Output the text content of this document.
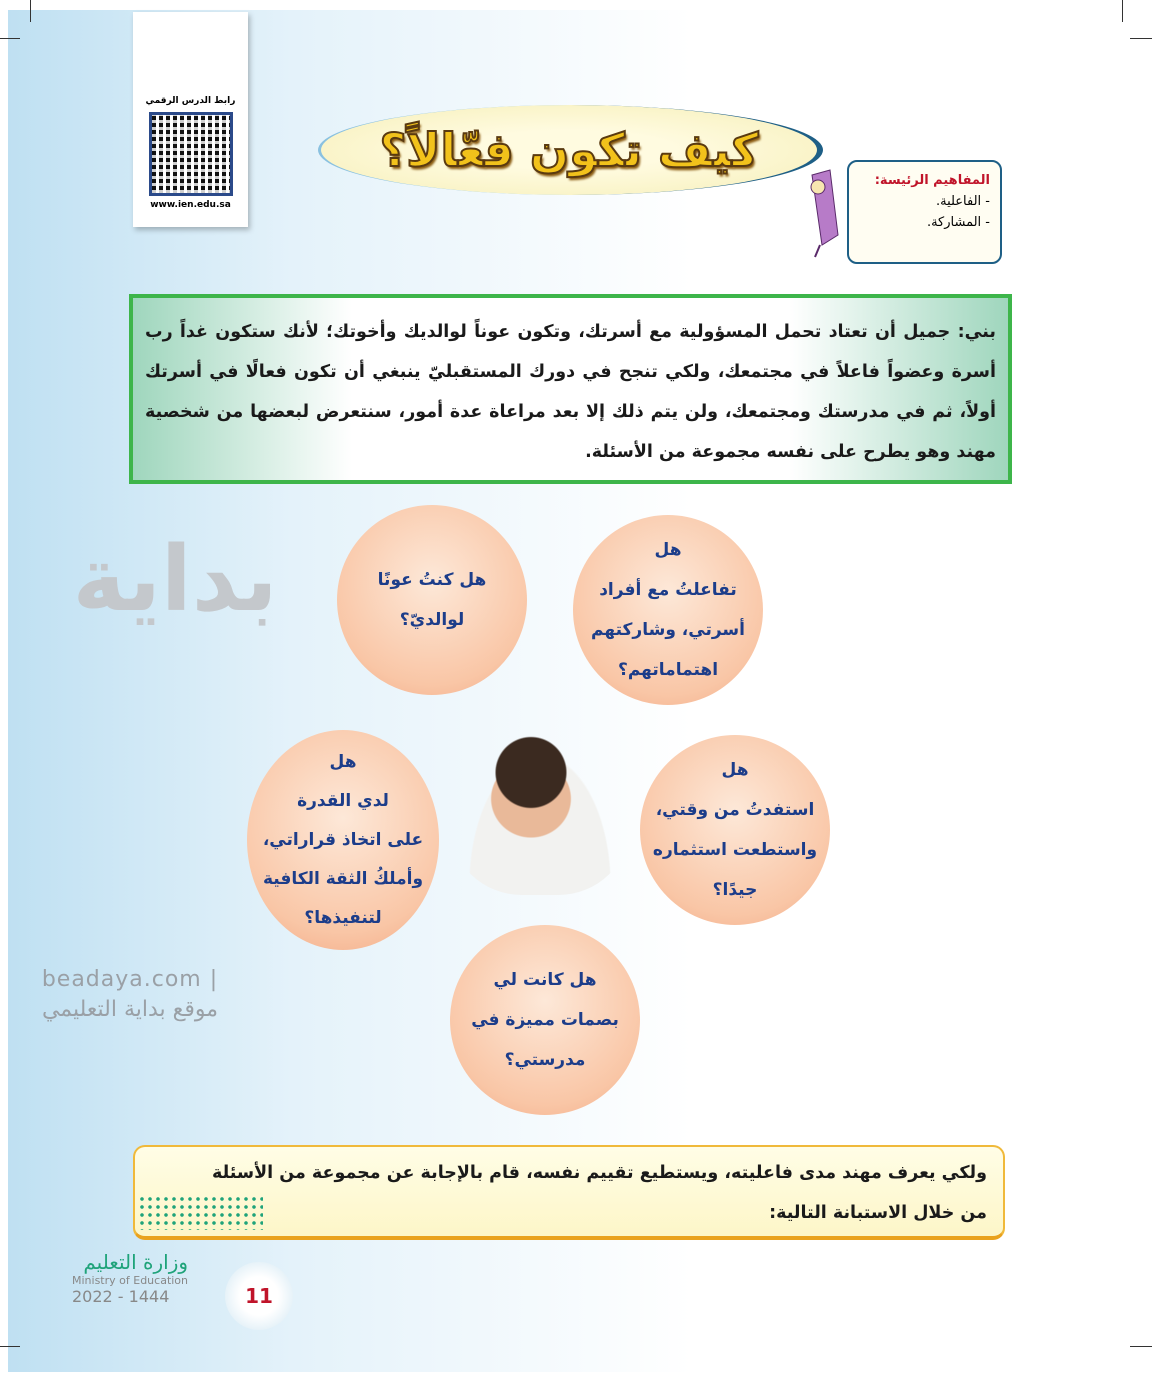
بداية
beadaya.com | موقع بداية التعليمي
رابط الدرس الرقمي
www.ien.edu.sa
كيف تكون فعّالاً؟
المفاهيم الرئيسة:
- الفاعلية.
- المشاركة.
بني: جميل أن تعتاد تحمل المسؤولية مع أسرتك، وتكون عوناً لوالديك وأخوتك؛ لأنك ستكون غداً رب أسرة وعضواً فاعلاً في مجتمعك، ولكي تنجح في دورك المستقبليّ ينبغي أن تكون فعالًا في أسرتك أولاً، ثم في مدرستك ومجتمعك، ولن يتم ذلك إلا بعد مراعاة عدة أمور، سنتعرض لبعضها من شخصية مهند وهو يطرح على نفسه مجموعة من الأسئلة.
هل كنتُ عونًا
لوالديّ؟
هل
تفاعلتُ مع أفراد
أسرتي، وشاركتهم
اهتماماتهم؟
هل
لدي القدرة
على اتخاذ قراراتي،
وأملكُ الثقة الكافية
لتنفيذها؟
هل
استفدتُ من وقتي،
واستطعت استثماره
جيدًا؟
هل كانت لي
بصمات مميزة في
مدرستي؟
ولكي يعرف مهند مدى فاعليته، ويستطيع تقييم نفسه، قام بالإجابة عن مجموعة من الأسئلة
من خلال الاستبانة التالية:
وزارة التعليم
Ministry of Education
2022 - 1444	11
